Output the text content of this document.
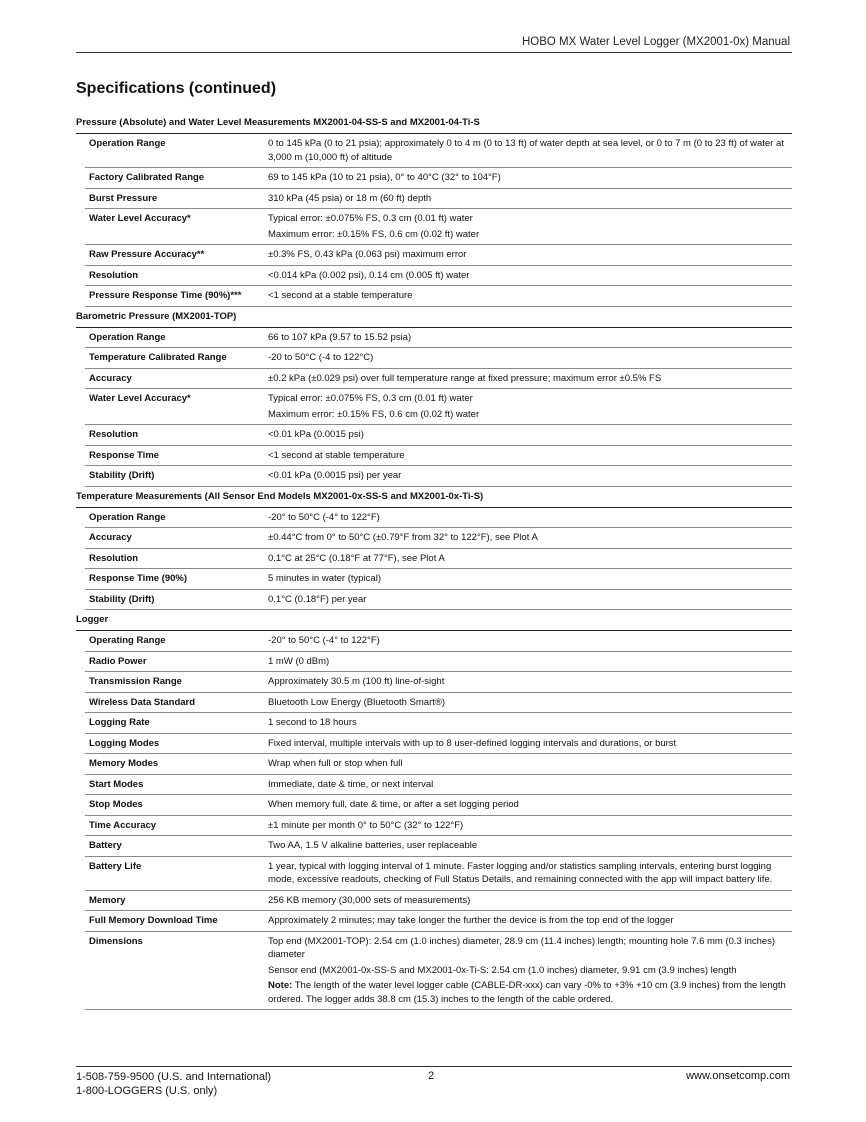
HOBO MX Water Level Logger (MX2001-0x) Manual
Specifications (continued)
Pressure (Absolute) and Water Level Measurements MX2001-04-SS-S and MX2001-04-Ti-S
Operation Range	0 to 145 kPa (0 to 21 psia); approximately 0 to 4 m (0 to 13 ft) of water depth at sea level, or 0 to 7 m (0 to 23 ft) of water at 3,000 m (10,000 ft) of altitude

Factory Calibrated Range	69 to 145 kPa (10 to 21 psia), 0° to 40°C (32° to 104°F)

Burst Pressure	310 kPa (45 psia) or 18 m (60 ft) depth

Water Level Accuracy*	Typical error: ±0.075% FS, 0.3 cm (0.01 ft) water

Maximum error: ±0.15% FS, 0.6 cm (0.02 ft) water

Raw Pressure Accuracy**	±0.3% FS, 0.43 kPa (0.063 psi) maximum error

Resolution	<0.014 kPa (0.002 psi), 0.14 cm (0.005 ft) water

Pressure Response Time (90%)***	<1 second at a stable temperature

Barometric Pressure (MX2001-TOP)
Operation Range	66 to 107 kPa (9.57 to 15.52 psia)

Temperature Calibrated Range	-20 to 50°C (-4 to 122°C)

Accuracy	±0.2 kPa (±0.029 psi) over full temperature range at fixed pressure; maximum error ±0.5% FS

Water Level Accuracy*	Typical error: ±0.075% FS, 0.3 cm (0.01 ft) water

Maximum error: ±0.15% FS, 0.6 cm (0.02 ft) water

Resolution	<0.01 kPa (0.0015 psi)

Response Time	<1 second at stable temperature

Stability (Drift)	<0.01 kPa (0.0015 psi) per year

Temperature Measurements (All Sensor End Models MX2001-0x-SS-S and MX2001-0x-Ti-S)
Operation Range	-20° to 50°C (-4° to 122°F)

Accuracy	±0.44°C from 0° to 50°C (±0.79°F from 32° to 122°F), see Plot A

Resolution	0.1°C at 25°C (0.18°F at 77°F), see Plot A

Response Time (90%)	5 minutes in water (typical)

Stability (Drift)	0.1°C (0.18°F) per year

Logger
Operating Range	-20° to 50°C (-4° to 122°F)

Radio Power	1 mW (0 dBm)

Transmission Range	Approximately 30.5 m (100 ft) line-of-sight

Wireless Data Standard	Bluetooth Low Energy (Bluetooth Smart®)

Logging Rate	1 second to 18 hours

Logging Modes	Fixed interval, multiple intervals with up to 8 user-defined logging intervals and durations, or burst

Memory Modes	Wrap when full or stop when full

Start Modes	Immediate, date & time, or next interval

Stop Modes	When memory full, date & time, or after a set logging period

Time Accuracy	±1 minute per month 0° to 50°C (32° to 122°F)

Battery	Two AA, 1.5 V alkaline batteries, user replaceable

Battery Life	1 year, typical with logging interval of 1 minute. Faster logging and/or statistics sampling intervals, entering burst logging mode, excessive readouts, checking of Full Status Details, and remaining connected with the app will impact battery life.

Memory	256 KB memory (30,000 sets of measurements)

Full Memory Download Time	Approximately 2 minutes; may take longer the further the device is from the top end of the logger

Dimensions	Top end (MX2001-TOP): 2.54 cm (1.0 inches) diameter, 28.9 cm (11.4 inches) length; mounting hole 7.6 mm (0.3 inches) diameter

Sensor end (MX2001-0x-SS-S and MX2001-0x-Ti-S: 2.54 cm (1.0 inches) diameter, 9.91 cm (3.9 inches) length

Note: The length of the water level logger cable (CABLE-DR-xxx) can vary -0% to +3% +10 cm (3.9 inches) from the length ordered. The logger adds 38.8 cm (15.3) inches to the length of the cable ordered.

1-508-759-9500 (U.S. and International)
1-800-LOGGERS (U.S. only)
2	www.onsetcomp.com
